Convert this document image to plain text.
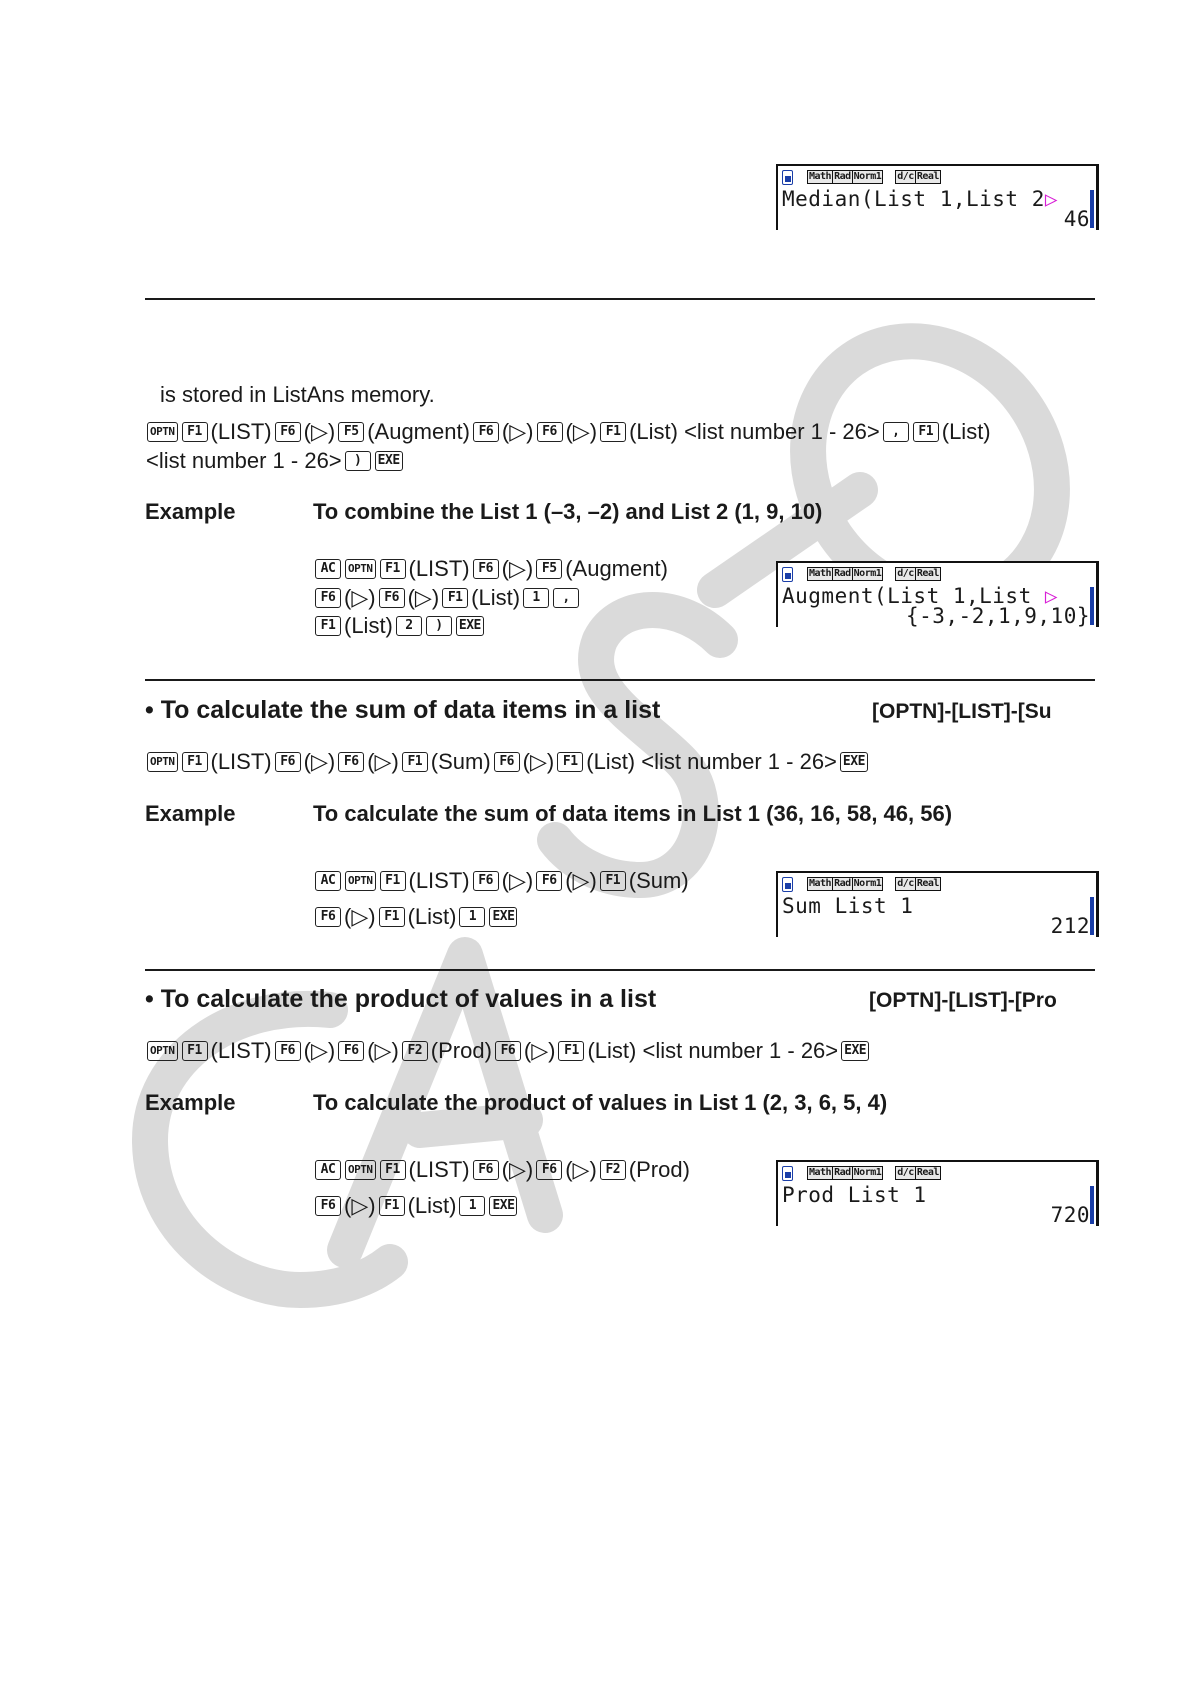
Math Rad Norm1 d/c Real
Median(List 1,List 2▷
46
is stored in ListAns memory.
OPTN F1 (LIST) F6 (▷) F5 (Augment) F6 (▷) F6 (▷) F1 (List) <list number 1 - 26> ,	F1 (List)
<list number 1 - 26> )	EXE
Example	To combine the List 1 (–3, –2) and List 2 (1, 9, 10)
AC	OPTN F1 (LIST) F6 (▷) F5 (Augment)
F6 (▷) F6 (▷) F1 (List) 1	,
F1 (List) 2	)	EXE
Math Rad Norm1 d/c Real
Augment(List 1,List ▷
{-3,-2,1,9,10}
• To calculate the sum of data items in a list	[OPTN]-[LIST]-[Su
OPTN F1 (LIST) F6 (▷) F6 (▷) F1 (Sum) F6 (▷) F1 (List) <list number 1 - 26> EXE
Example	To calculate the sum of data items in List 1 (36, 16, 58, 46, 56)
AC	OPTN F1 (LIST) F6 (▷) F6 (▷) F1 (Sum)
F6 (▷) F1 (List) 1	EXE
Math Rad Norm1 d/c Real
Sum List 1
212
• To calculate the product of values in a list	[OPTN]-[LIST]-[Pro
OPTN F1 (LIST) F6 (▷) F6 (▷) F2 (Prod) F6 (▷) F1 (List) <list number 1 - 26> EXE
Example	To calculate the product of values in List 1 (2, 3, 6, 5, 4)
AC	OPTN F1 (LIST) F6 (▷) F6 (▷) F2 (Prod)
F6 (▷) F1 (List) 1	EXE
Math Rad Norm1 d/c Real
Prod List 1
720
